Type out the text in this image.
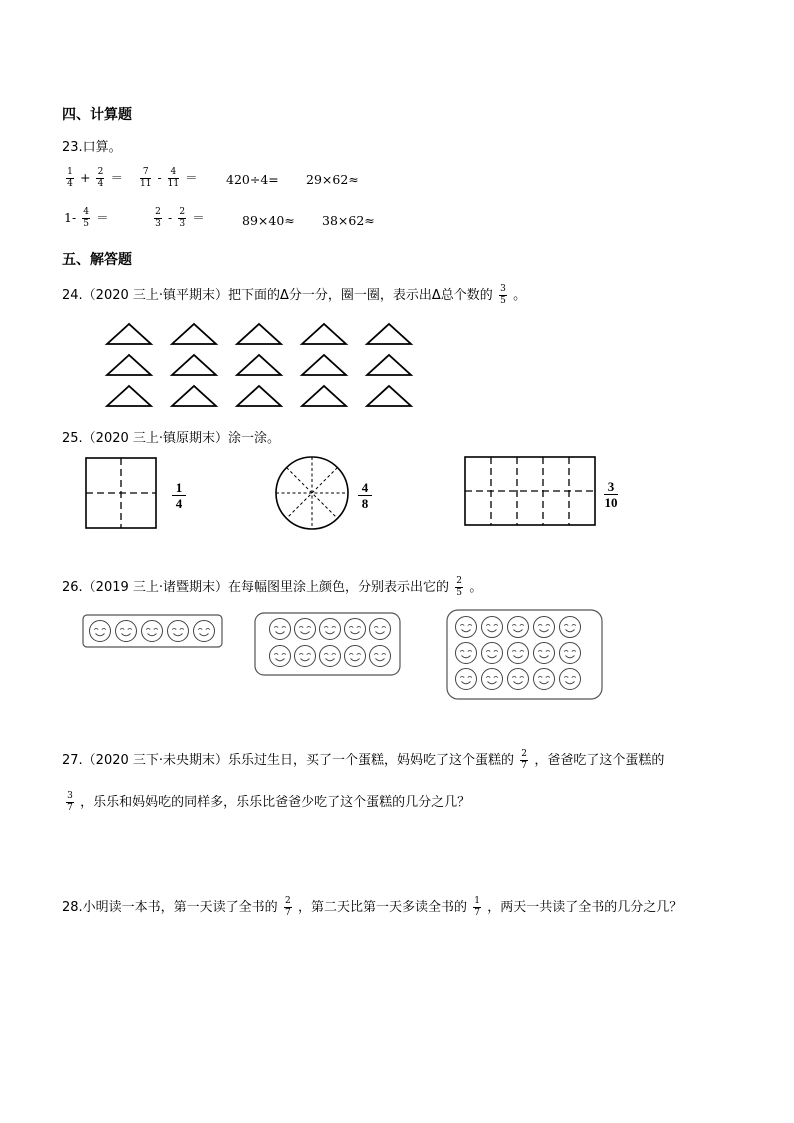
四、计算题
23.口算。
$\frac{1}{4} + \frac{2}{4} = \frac{7}{11} - \frac{4}{11} = 420\div 4= 29\times 62\approx$
$1- \frac{4}{5}$ ＝	$\frac{2}{3} - \frac{2}{3}$ ＝	89×40≈ 38×62≈
五、解答题
24.（2020 三上·镇平期末）把下面的Δ分一分，圈一圈，表示出Δ总个数的 $\frac{3}{5}$ 。
25.（2020 三上·镇原期末）涂一涂。
$\frac{1}{4}$	$\frac{4}{8}$	$\frac{3}{10}$
26.（2019 三上·诸暨期末）在每幅图里涂上颜色，分别表示出它的 $\frac{2}{5}$ 。
27.（2020 三下·未央期末）乐乐过生日，买了一个蛋糕，妈妈吃了这个蛋糕的 $\frac{2}{7}$ ，爸爸吃了这个蛋糕的
$\frac{3}{7}$ ，乐乐和妈妈吃的同样多，乐乐比爸爸少吃了这个蛋糕的几分之几？
28.小明读一本书，第一天读了全书的 $\frac{2}{7}$ ，第二天比第一天多读全书的 $\frac{1}{7}$ ，两天一共读了全书的几分之几？
